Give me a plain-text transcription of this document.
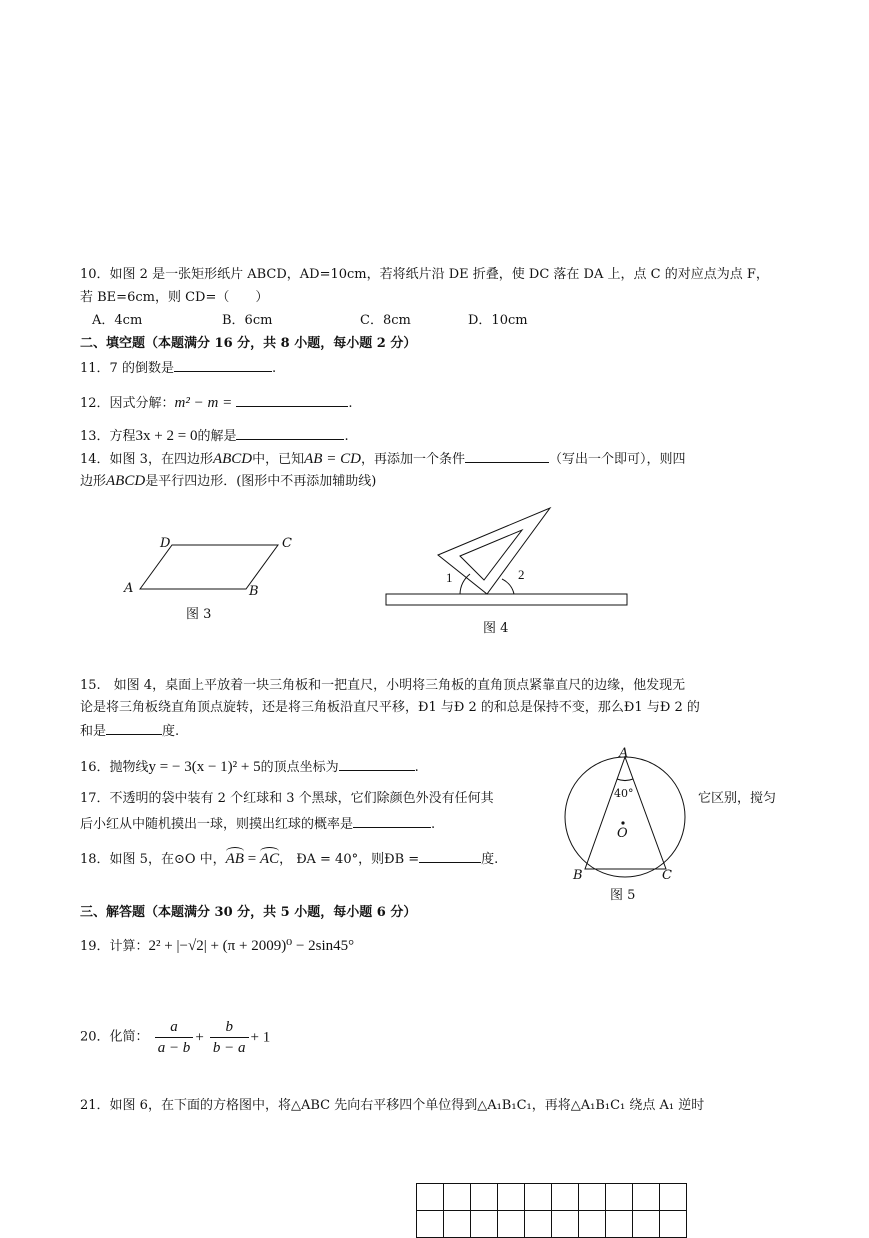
10．如图 2 是一张矩形纸片 ABCD，AD=10cm，若将纸片沿 DE 折叠，使 DC 落在 DA 上，点 C 的对应点为点 F，
若 BE=6cm，则 CD=（　　）
A．4cm	B．6cm	C．8cm	D．10cm
二、填空题（本题满分 16 分，共 8 小题，每小题 2 分）
11．7 的倒数是	.
12．因式分解：m² − m =	.
13．方程3x + 2 = 0的解是	.
14．如图 3，在四边形ABCD中，已知AB = CD，再添加一个条件	（写出一个即可），则四
边形ABCD是平行四边形．(图形中不再添加辅助线)
D	C
A	B
图 3
1	2
图 4
15.　如图 4，桌面上平放着一块三角板和一把直尺，小明将三角板的直角顶点紧靠直尺的边缘，他发现无
论是将三角板绕直角顶点旋转，还是将三角板沿直尺平移，Ð1 与Ð 2 的和总是保持不变，那么Ð1 与Ð 2 的
和是	度.
16．抛物线y = − 3(x − 1)² + 5的顶点坐标为	.
17．不透明的袋中装有 2 个红球和 3 个黑球，它们除颜色外没有任何其	它区别，搅匀
后小红从中随机摸出一球，则摸出红球的概率是	.
18．如图 5，在⊙O 中，AB = AC， ÐA = 40°，则ÐB =	度.
A
40°
O
B	C
图 5
三、解答题（本题满分 30 分，共 5 小题，每小题 6 分）
19．计算：2² + |−√2| + (π + 2009)⁰ − 2sin45°
20．化简： $\frac{a}{a - b} + \frac{b}{b - a} + 1$
21．如图 6，在下面的方格图中，将△ABC 先向右平移四个单位得到△A₁B₁C₁，再将△A₁B₁C₁ 绕点 A₁ 逆时
